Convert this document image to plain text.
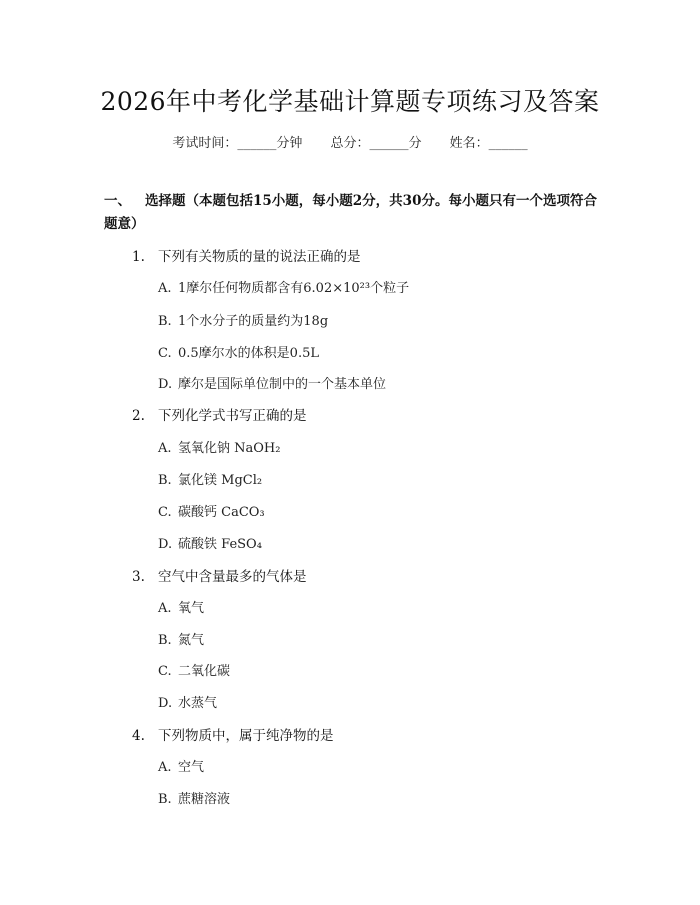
2026年中考化学基础计算题专项练习及答案
考试时间：______分钟 总分：______分 姓名：______
一、 选择题（本题包括15小题，每小题2分，共30分。每小题只有一个选项符合题意）
1. 下列有关物质的量的说法正确的是
A. 1摩尔任何物质都含有6.02×10²³个粒子
B. 1个水分子的质量约为18g
C. 0.5摩尔水的体积是0.5L
D. 摩尔是国际单位制中的一个基本单位
2. 下列化学式书写正确的是
A. 氢氧化钠 NaOH₂
B. 氯化镁 MgCl₂
C. 碳酸钙 CaCO₃
D. 硫酸铁 FeSO₄
3. 空气中含量最多的气体是
A. 氧气
B. 氮气
C. 二氧化碳
D. 水蒸气
4. 下列物质中，属于纯净物的是
A. 空气
B. 蔗糖溶液
